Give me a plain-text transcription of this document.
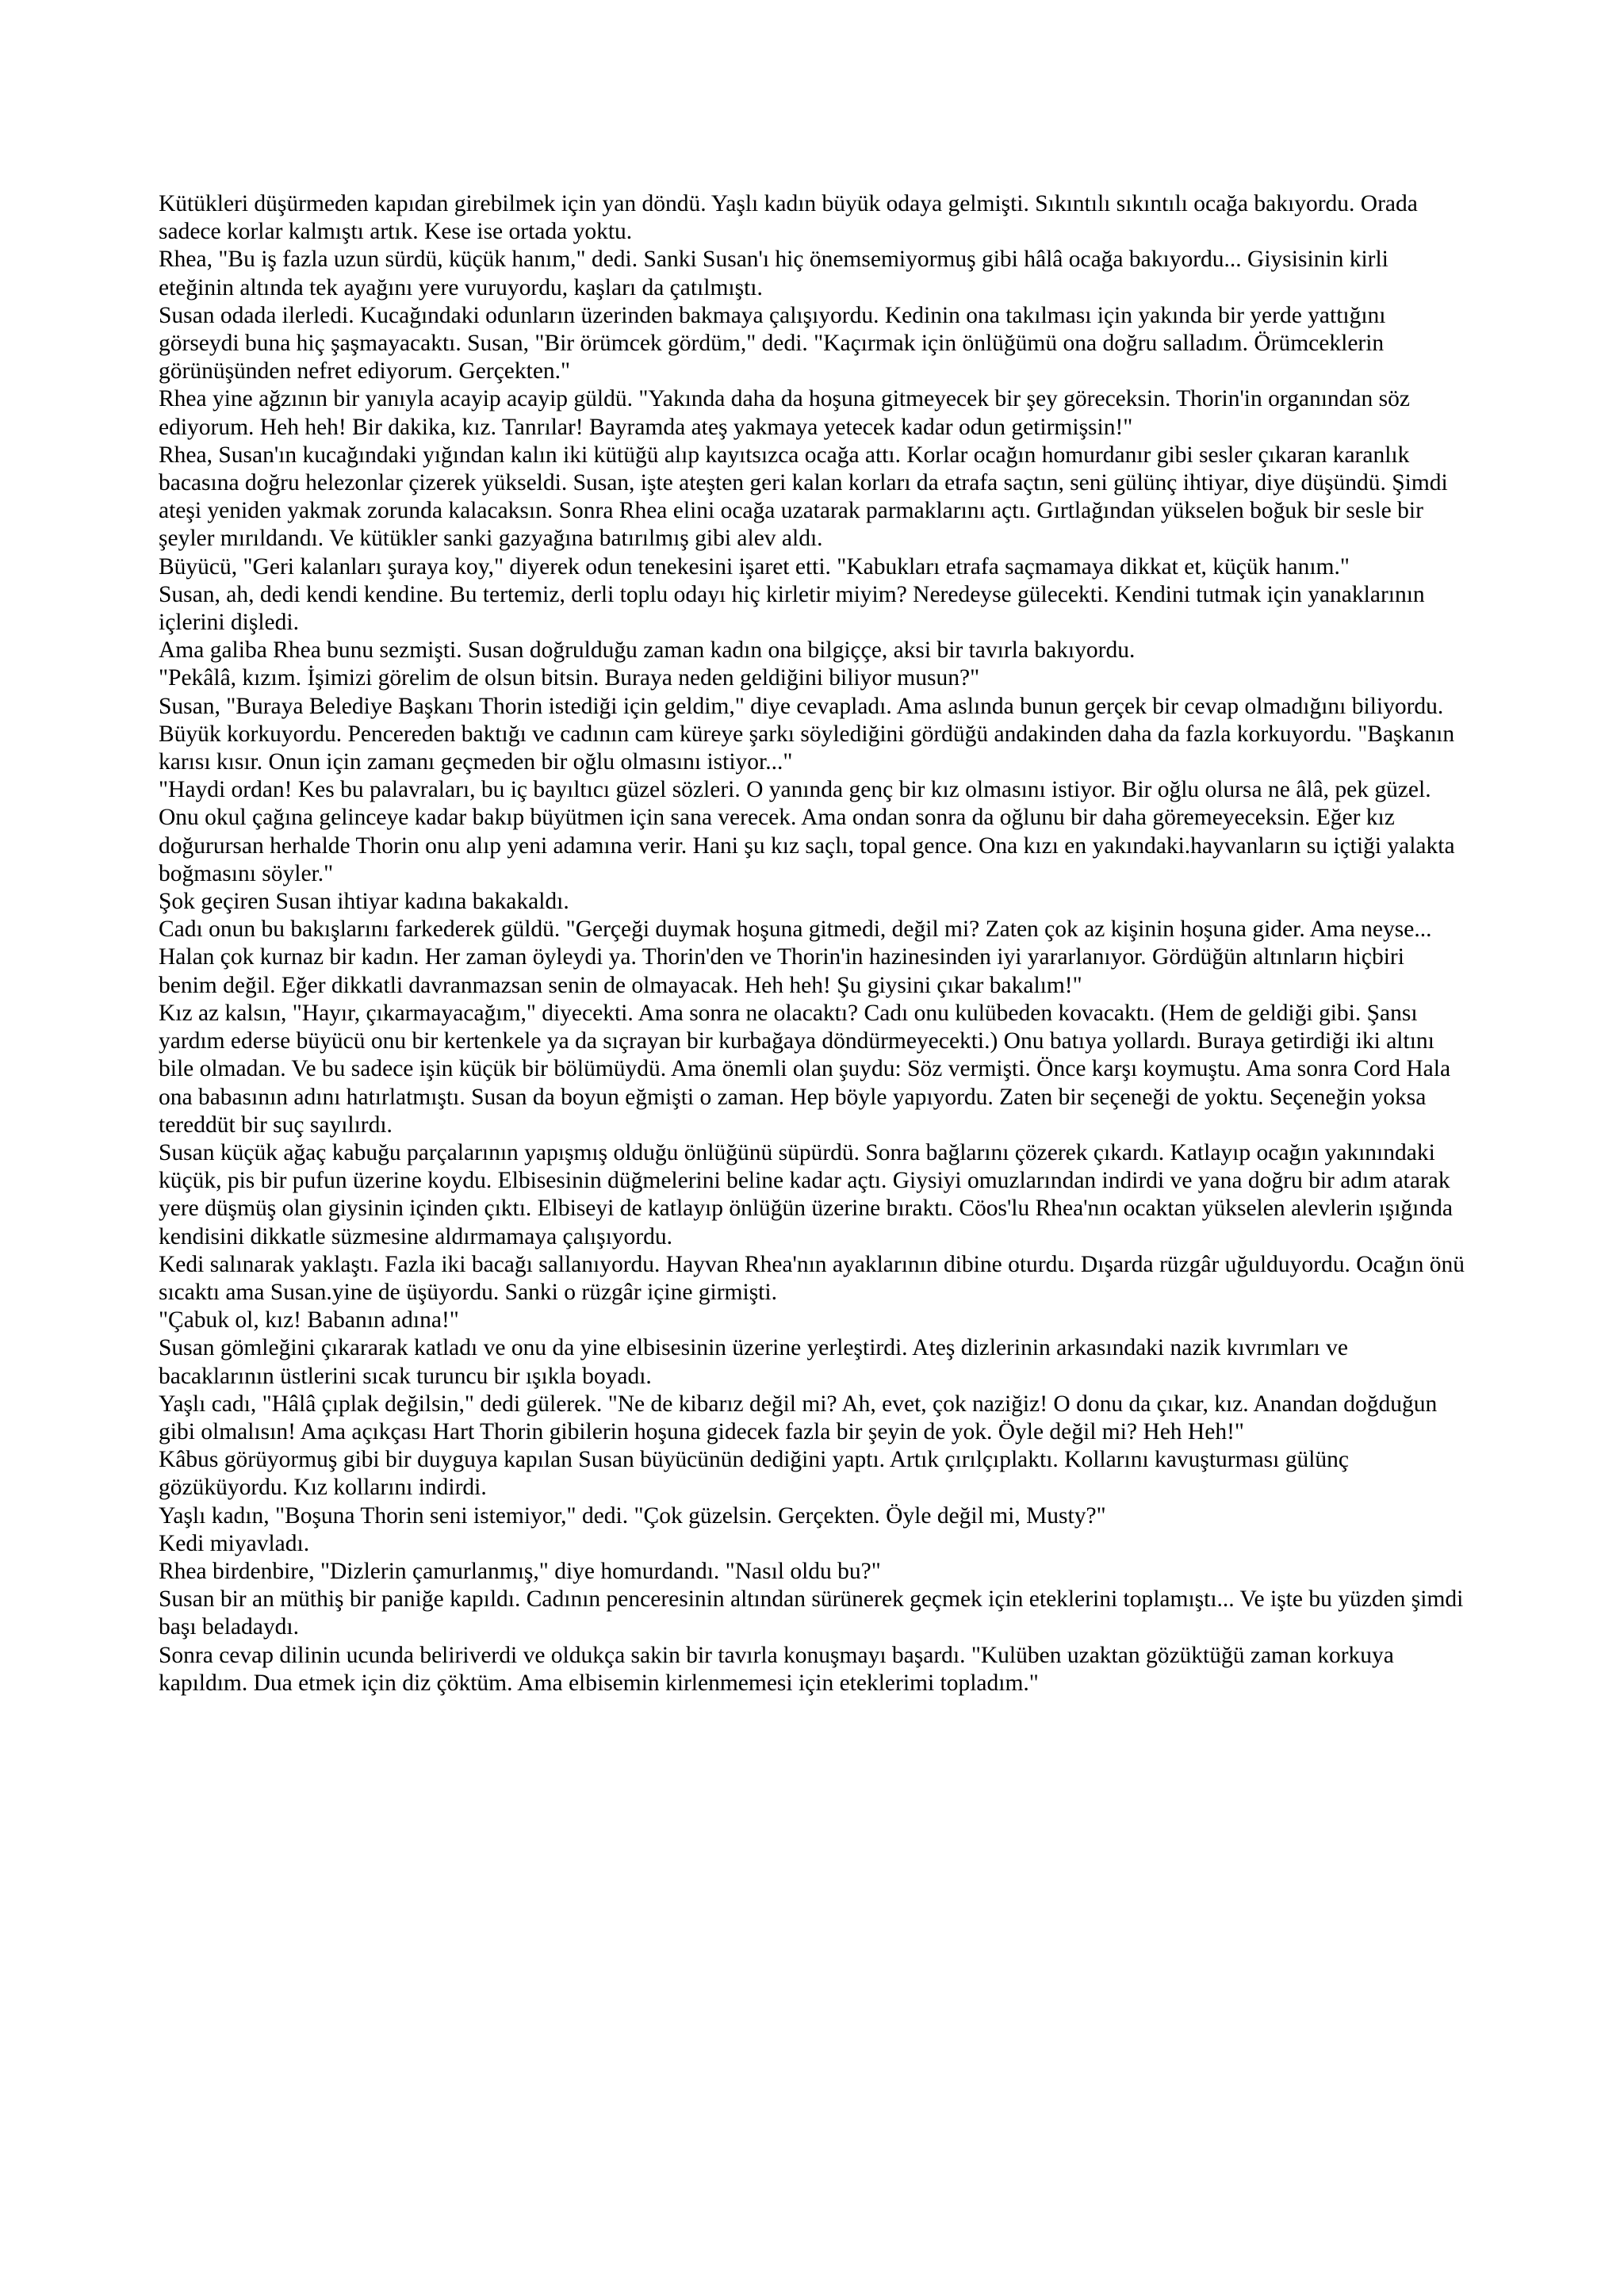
Kütükleri düşürmeden kapıdan girebilmek için yan döndü. Yaşlı kadın büyük odaya gelmişti. Sıkıntılı sıkıntılı ocağa bakıyordu. Orada sadece korlar kalmıştı artık. Kese ise ortada yoktu.

Rhea, "Bu iş fazla uzun sürdü, küçük hanım," dedi. Sanki Susan'ı hiç önemsemiyormuş gibi hâlâ ocağa bakıyordu... Giysisinin kirli eteğinin altında tek ayağını yere vuruyordu, kaşları da çatılmıştı.

Susan odada ilerledi. Kucağındaki odunların üzerinden bakmaya çalışıyordu. Kedinin ona takılması için yakında bir yerde yattığını görseydi buna hiç şaşmayacaktı. Susan, "Bir örümcek gördüm," dedi. "Kaçırmak için önlüğümü ona doğru salladım. Örümceklerin görünüşünden nefret ediyorum. Gerçekten."

Rhea yine ağzının bir yanıyla acayip acayip güldü. "Yakında daha da hoşuna gitmeyecek bir şey göreceksin. Thorin'in organından söz ediyorum. Heh heh! Bir dakika, kız. Tanrılar! Bayramda ateş yakmaya yetecek kadar odun getirmişsin!"

Rhea, Susan'ın kucağındaki yığından kalın iki kütüğü alıp kayıtsızca ocağa attı. Korlar ocağın homurdanır gibi sesler çıkaran karanlık bacasına doğru helezonlar çizerek yükseldi. Susan, işte ateşten geri kalan korları da etrafa saçtın, seni gülünç ihtiyar, diye düşündü. Şimdi ateşi yeniden yakmak zorunda kalacaksın. Sonra Rhea elini ocağa uzatarak parmaklarını açtı. Gırtlağından yükselen boğuk bir sesle bir şeyler mırıldandı. Ve kütükler sanki gazyağına batırılmış gibi alev aldı.

Büyücü, "Geri kalanları şuraya koy," diyerek odun tenekesini işaret etti. "Kabukları etrafa saçmamaya dikkat et, küçük hanım."

Susan, ah, dedi kendi kendine. Bu tertemiz, derli toplu odayı hiç kirletir miyim? Neredeyse gülecekti. Kendini tutmak için yanaklarının içlerini dişledi.

Ama galiba Rhea bunu sezmişti. Susan doğrulduğu zaman kadın ona bilgiççe, aksi bir tavırla bakıyordu.

"Pekâlâ, kızım. İşimizi görelim de olsun bitsin. Buraya neden geldiğini biliyor musun?"

Susan, "Buraya Belediye Başkanı Thorin istediği için geldim," diye cevapladı. Ama aslında bunun gerçek bir cevap olmadığını biliyordu.

Büyük korkuyordu. Pencereden baktığı ve cadının cam küreye şarkı söylediğini gördüğü andakinden daha da fazla korkuyordu. "Başkanın karısı kısır. Onun için zamanı geçmeden bir oğlu olmasını istiyor..."

"Haydi ordan! Kes bu palavraları, bu iç bayıltıcı güzel sözleri. O yanında genç bir kız olmasını istiyor. Bir oğlu olursa ne âlâ, pek güzel. Onu okul çağına gelinceye kadar bakıp büyütmen için sana verecek. Ama ondan sonra da oğlunu bir daha göremeyeceksin. Eğer kız doğurursan herhalde Thorin onu alıp yeni adamına verir. Hani şu kız saçlı, topal gence. Ona kızı en yakındaki.hayvanların su içtiği yalakta boğmasını söyler."

Şok geçiren Susan ihtiyar kadına bakakaldı.

Cadı onun bu bakışlarını farkederek güldü. "Gerçeği duymak hoşuna gitmedi, değil mi? Zaten çok az kişinin hoşuna gider. Ama neyse... Halan çok kurnaz bir kadın. Her zaman öyleydi ya. Thorin'den ve Thorin'in hazinesinden iyi yararlanıyor. Gördüğün altınların hiçbiri benim değil. Eğer dikkatli davranmazsan senin de olmayacak. Heh heh! Şu giysini çıkar bakalım!"

Kız az kalsın, "Hayır, çıkarmayacağım," diyecekti. Ama sonra ne olacaktı? Cadı onu kulübeden kovacaktı. (Hem de geldiği gibi. Şansı yardım ederse büyücü onu bir kertenkele ya da sıçrayan bir kurbağaya döndürmeyecekti.) Onu batıya yollardı. Buraya getirdiği iki altını bile olmadan. Ve bu sadece işin küçük bir bölümüydü. Ama önemli olan şuydu: Söz vermişti. Önce karşı koymuştu. Ama sonra Cord Hala ona babasının adını hatırlatmıştı. Susan da boyun eğmişti o zaman. Hep böyle yapıyordu. Zaten bir seçeneği de yoktu. Seçeneğin yoksa tereddüt bir suç sayılırdı.

Susan küçük ağaç kabuğu parçalarının yapışmış olduğu önlüğünü süpürdü. Sonra bağlarını çözerek çıkardı. Katlayıp ocağın yakınındaki küçük, pis bir pufun üzerine koydu. Elbisesinin düğmelerini beline kadar açtı. Giysiyi omuzlarından indirdi ve yana doğru bir adım atarak yere düşmüş olan giysinin içinden çıktı. Elbiseyi de katlayıp önlüğün üzerine bıraktı. Cöos'lu Rhea'nın ocaktan yükselen alevlerin ışığında kendisini dikkatle süzmesine aldırmamaya çalışıyordu.

Kedi salınarak yaklaştı. Fazla iki bacağı sallanıyordu. Hayvan Rhea'nın ayaklarının dibine oturdu. Dışarda rüzgâr uğulduyordu. Ocağın önü sıcaktı ama Susan.yine de üşüyordu. Sanki o rüzgâr içine girmişti.

"Çabuk ol, kız! Babanın adına!"

Susan gömleğini çıkararak katladı ve onu da yine elbisesinin üzerine yerleştirdi. Ateş dizlerinin arkasındaki nazik kıvrımları ve bacaklarının üstlerini sıcak turuncu bir ışıkla boyadı.

Yaşlı cadı, "Hâlâ çıplak değilsin," dedi gülerek. "Ne de kibarız değil mi? Ah, evet, çok naziğiz! O donu da çıkar, kız. Anandan doğduğun gibi olmalısın! Ama açıkçası Hart Thorin gibilerin hoşuna gidecek fazla bir şeyin de yok. Öyle değil mi? Heh Heh!"

Kâbus görüyormuş gibi bir duyguya kapılan Susan büyücünün dediğini yaptı. Artık çırılçıplaktı. Kollarını kavuşturması gülünç gözüküyordu. Kız kollarını indirdi.

Yaşlı kadın, "Boşuna Thorin seni istemiyor," dedi. "Çok güzelsin. Gerçekten. Öyle değil mi, Musty?"

Kedi miyavladı.

Rhea birdenbire, "Dizlerin çamurlanmış," diye homurdandı. "Nasıl oldu bu?"

Susan bir an müthiş bir paniğe kapıldı. Cadının penceresinin altından sürünerek geçmek için eteklerini toplamıştı... Ve işte bu yüzden şimdi başı beladaydı.

Sonra cevap dilinin ucunda beliriverdi ve oldukça sakin bir tavırla konuşmayı başardı. "Kulüben uzaktan gözüktüğü zaman korkuya kapıldım. Dua etmek için diz çöktüm. Ama elbisemin kirlenmemesi için eteklerimi topladım."
